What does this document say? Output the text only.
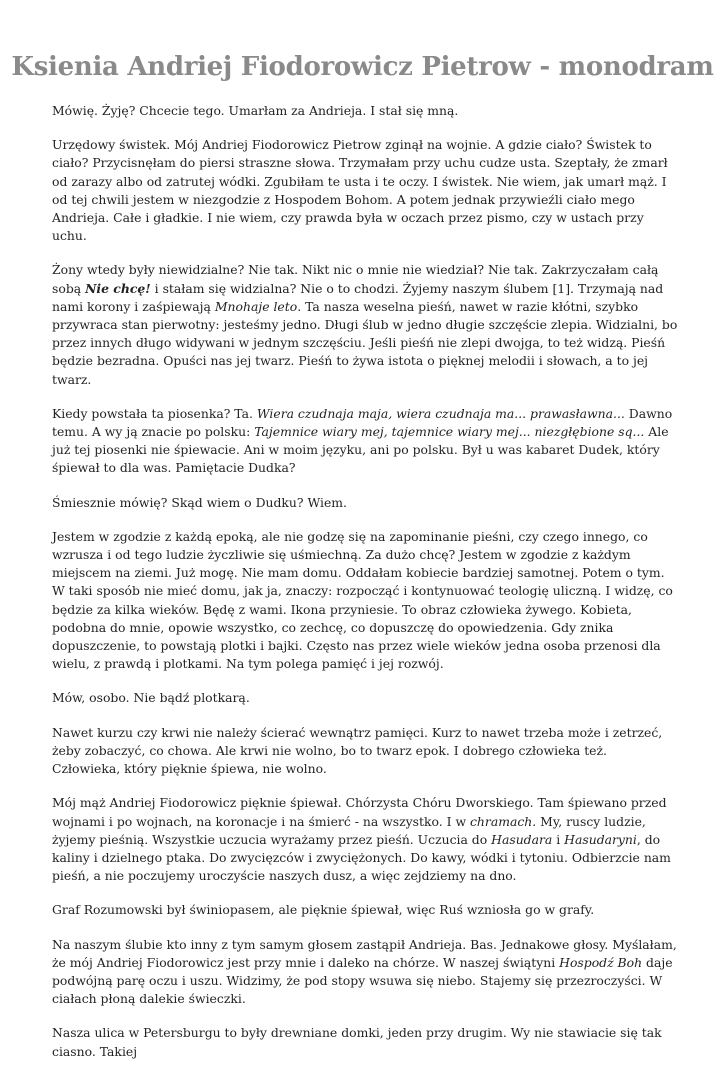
Ksienia Andriej Fiodorowicz Pietrow - monodram

Mówię. Żyję? Chcecie tego. Umarłam za Andrieja. I stał się mną.

Urzędowy świstek. Mój Andriej Fiodorowicz Pietrow zginął na wojnie. A gdzie ciało? Świstek to ciało? Przycisnęłam do piersi straszne słowa. Trzymałam przy uchu cudze usta. Szeptały, że zmarł od zarazy albo od zatrutej wódki. Zgubiłam te usta i te oczy. I świstek. Nie wiem, jak umarł mąż. I od tej chwili jestem w niezgodzie z Hospodem Bohom. A potem jednak przywieźli ciało mego Andrieja. Całe i gładkie. I nie wiem, czy prawda była w oczach przez pismo, czy w ustach przy uchu.

Żony wtedy były niewidzialne? Nie tak. Nikt nic o mnie nie wiedział? Nie tak. Zakrzyczałam całą sobą Nie chcę! i stałam się widzialna? Nie o to chodzi. Żyjemy naszym ślubem [1]. Trzymają nad nami korony i zaśpiewają Mnohaje leto. Ta nasza weselna pieśń, nawet w razie kłótni, szybko przywraca stan pierwotny: jesteśmy jedno. Długi ślub w jedno długie szczęście zlepia. Widzialni, bo przez innych długo widywani w jednym szczęściu. Jeśli pieśń nie zlepi dwojga, to też widzą. Pieśń będzie bezradna. Opuści nas jej twarz. Pieśń to żywa istota o pięknej melodii i słowach, a to jej twarz.

Kiedy powstała ta piosenka? Ta. Wiera czudnaja maja, wiera czudnaja ma... prawasławna... Dawno temu. A wy ją znacie po polsku: Tajemnice wiary mej, tajemnice wiary mej... niezgłębione sq... Ale już tej piosenki nie śpiewacie. Ani w moim języku, ani po polsku. Był u was kabaret Dudek, który śpiewał to dla was. Pamiętacie Dudka?

Śmiesznie mówię? Skąd wiem o Dudku? Wiem.

Jestem w zgodzie z każdą epoką, ale nie godzę się na zapominanie pieśni, czy czego innego, co wzrusza i od tego ludzie życzliwie się uśmiechną. Za dużo chcę? Jestem w zgodzie z każdym miejscem na ziemi. Już mogę. Nie mam domu. Oddałam kobiecie bardziej samotnej. Potem o tym. W taki sposób nie mieć domu, jak ja, znaczy: rozpocząć i kontynuować teologię uliczną. I widzę, co będzie za kilka wieków. Będę z wami. Ikona przyniesie. To obraz człowieka żywego. Kobieta, podobna do mnie, opowie wszystko, co zechcę, co dopuszczę do opowiedzenia. Gdy znika dopuszczenie, to powstają plotki i bajki. Często nas przez wiele wieków jedna osoba przenosi dla wielu, z prawdą i plotkami. Na tym polega pamięć i jej rozwój.

Mów, osobo. Nie bądź plotkarą.

Nawet kurzu czy krwi nie należy ścierać wewnątrz pamięci. Kurz to nawet trzeba może i zetrzeć, żeby zobaczyć, co chowa. Ale krwi nie wolno, bo to twarz epok. I dobrego człowieka też. Człowieka, który pięknie śpiewa, nie wolno.

Mój mąż Andriej Fiodorowicz pięknie śpiewał. Chórzysta Chóru Dworskiego. Tam śpiewano przed wojnami i po wojnach, na koronacje i na śmierć - na wszystko. I w chramach. My, ruscy ludzie, żyjemy pieśnią. Wszystkie uczucia wyrażamy przez pieśń. Uczucia do Hasudara i Hasudaryni, do kaliny i dzielnego ptaka. Do zwycięzców i zwyciężonych. Do kawy, wódki i tytoniu. Odbierzcie nam pieśń, a nie poczujemy uroczyście naszych dusz, a więc zejdziemy na dno.

Graf Rozumowski był świniopasem, ale pięknie śpiewał, więc Ruś wzniosła go w grafy.

Na naszym ślubie kto inny z tym samym głosem zastąpił Andrieja. Bas. Jednakowe głosy. Myślałam, że mój Andriej Fiodorowicz jest przy mnie i daleko na chórze. W naszej świątyni Hospodź Boh daje podwójną parę oczu i uszu. Widzimy, że pod stopy wsuwa się niebo. Stajemy się przezroczyści. W ciałach płoną dalekie świeczki.

Nasza ulica w Petersburgu to były drewniane domki, jeden przy drugim. Wy nie stawiacie się tak ciasno. Takiej
